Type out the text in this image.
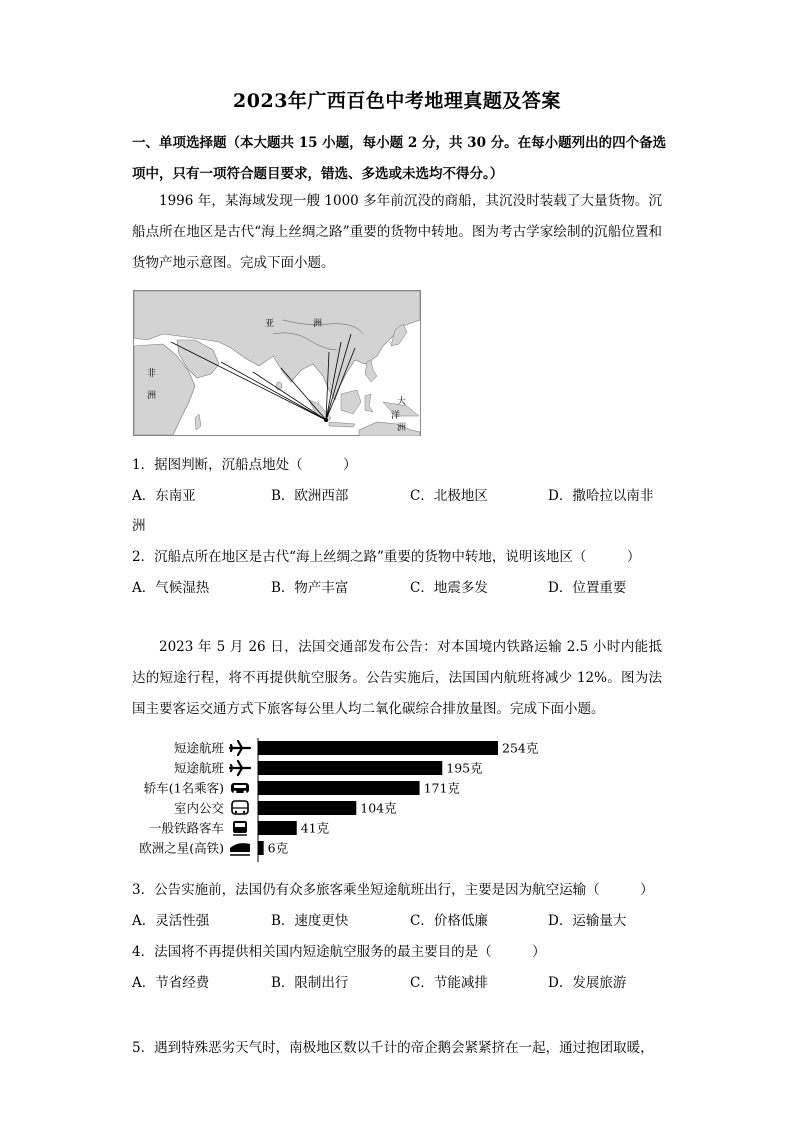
2023年广西百色中考地理真题及答案
一、单项选择题（本大题共 15 小题，每小题 2 分，共 30 分。在每小题列出的四个备选
项中，只有一项符合题目要求，错选、多选或未选均不得分。）
1996 年，某海域发现一艘 1000 多年前沉没的商船，其沉没时装载了大量货物。沉船点所在地区是古代“海上丝绸之路”重要的货物中转地。图为考古学家绘制的沉船位置和货物产地示意图。完成下面小题。
亚	洲
非
洲
大
洋
洲
1．据图判断，沉船点地处（　　　）
A．东南亚	B．欧洲西部	C．北极地区	D．撒哈拉以南非
洲
2．沉船点所在地区是古代“海上丝绸之路”重要的货物中转地，说明该地区（　　　）
A．气候湿热	B．物产丰富	C．地震多发	D．位置重要
2023 年 5 月 26 日，法国交通部发布公告：对本国境内铁路运输 2.5 小时内能抵达的短途行程，将不再提供航空服务。公告实施后，法国国内航班将减少 12%。图为法国主要客运交通方式下旅客每公里人均二氧化碳综合排放量图。完成下面小题。
短途航班	254克
短途航班	195克
轿车(1名乘客)	171克
室内公交	104克
一般铁路客车	41克
欧洲之星(高铁)	6克
3．公告实施前，法国仍有众多旅客乘坐短途航班出行，主要是因为航空运输（　　　）
A．灵活性强	B．速度更快	C．价格低廉	D．运输量大
4．法国将不再提供相关国内短途航空服务的最主要目的是（　　　）
A．节省经费	B．限制出行	C．节能减排	D．发展旅游
5．遇到特殊恶劣天气时，南极地区数以千计的帝企鹅会紧紧挤在一起，通过抱团取暖，
